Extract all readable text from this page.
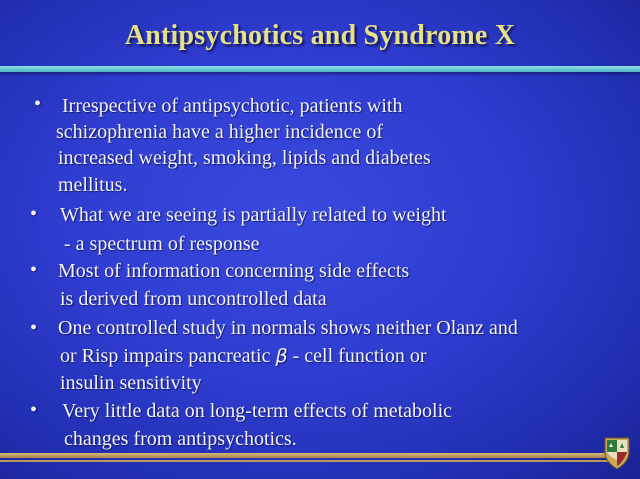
Antipsychotics and Syndrome X
• Irrespective of antipsychotic, patients with
schizophrenia have a higher incidence of
increased weight, smoking, lipids and diabetes
mellitus.
• What we are seeing is partially related to weight
- a spectrum of response
• Most of information concerning side effects
is derived from uncontrolled data
• One controlled study in normals shows neither Olanz and
or Risp impairs pancreatic β - cell function or
insulin sensitivity
• Very little data on long-term effects of metabolic
changes from antipsychotics.
